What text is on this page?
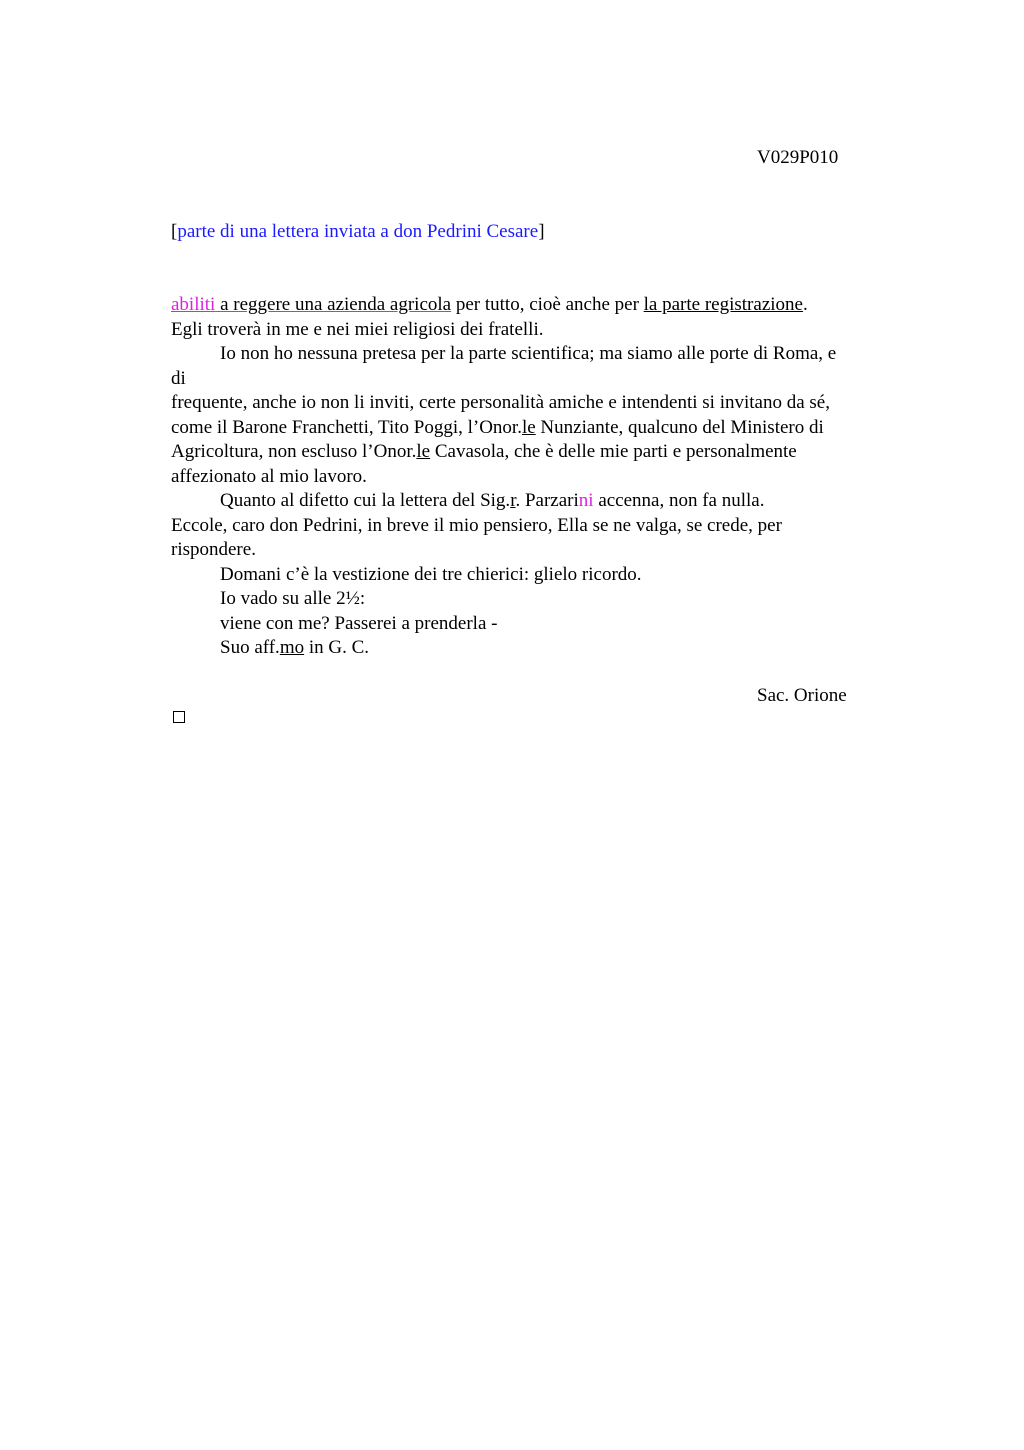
V029P010
[parte di una lettera inviata a don Pedrini Cesare]
abiliti a reggere una azienda agricola per tutto, cioè anche per la parte registrazione.
Egli troverà in me e nei miei religiosi dei fratelli.
Io non ho nessuna pretesa per la parte scientifica; ma siamo alle porte di Roma, e
di
frequente, anche io non li inviti, certe personalità amiche e intendenti si invitano da sé,
come il Barone Franchetti, Tito Poggi, l’Onor.le Nunziante, qualcuno del Ministero di
Agricoltura, non escluso l’Onor.le Cavasola, che è delle mie parti e personalmente
affezionato al mio lavoro.
Quanto al difetto cui la lettera del Sig.r. Parzarini accenna, non fa nulla.
Eccole, caro don Pedrini, in breve il mio pensiero, Ella se ne valga, se crede, per
rispondere.
Domani c’è la vestizione dei tre chierici: glielo ricordo.
Io vado su alle 2½:
viene con me? Passerei a prenderla -
Suo aff.mo in G. C.
Sac. Orione
